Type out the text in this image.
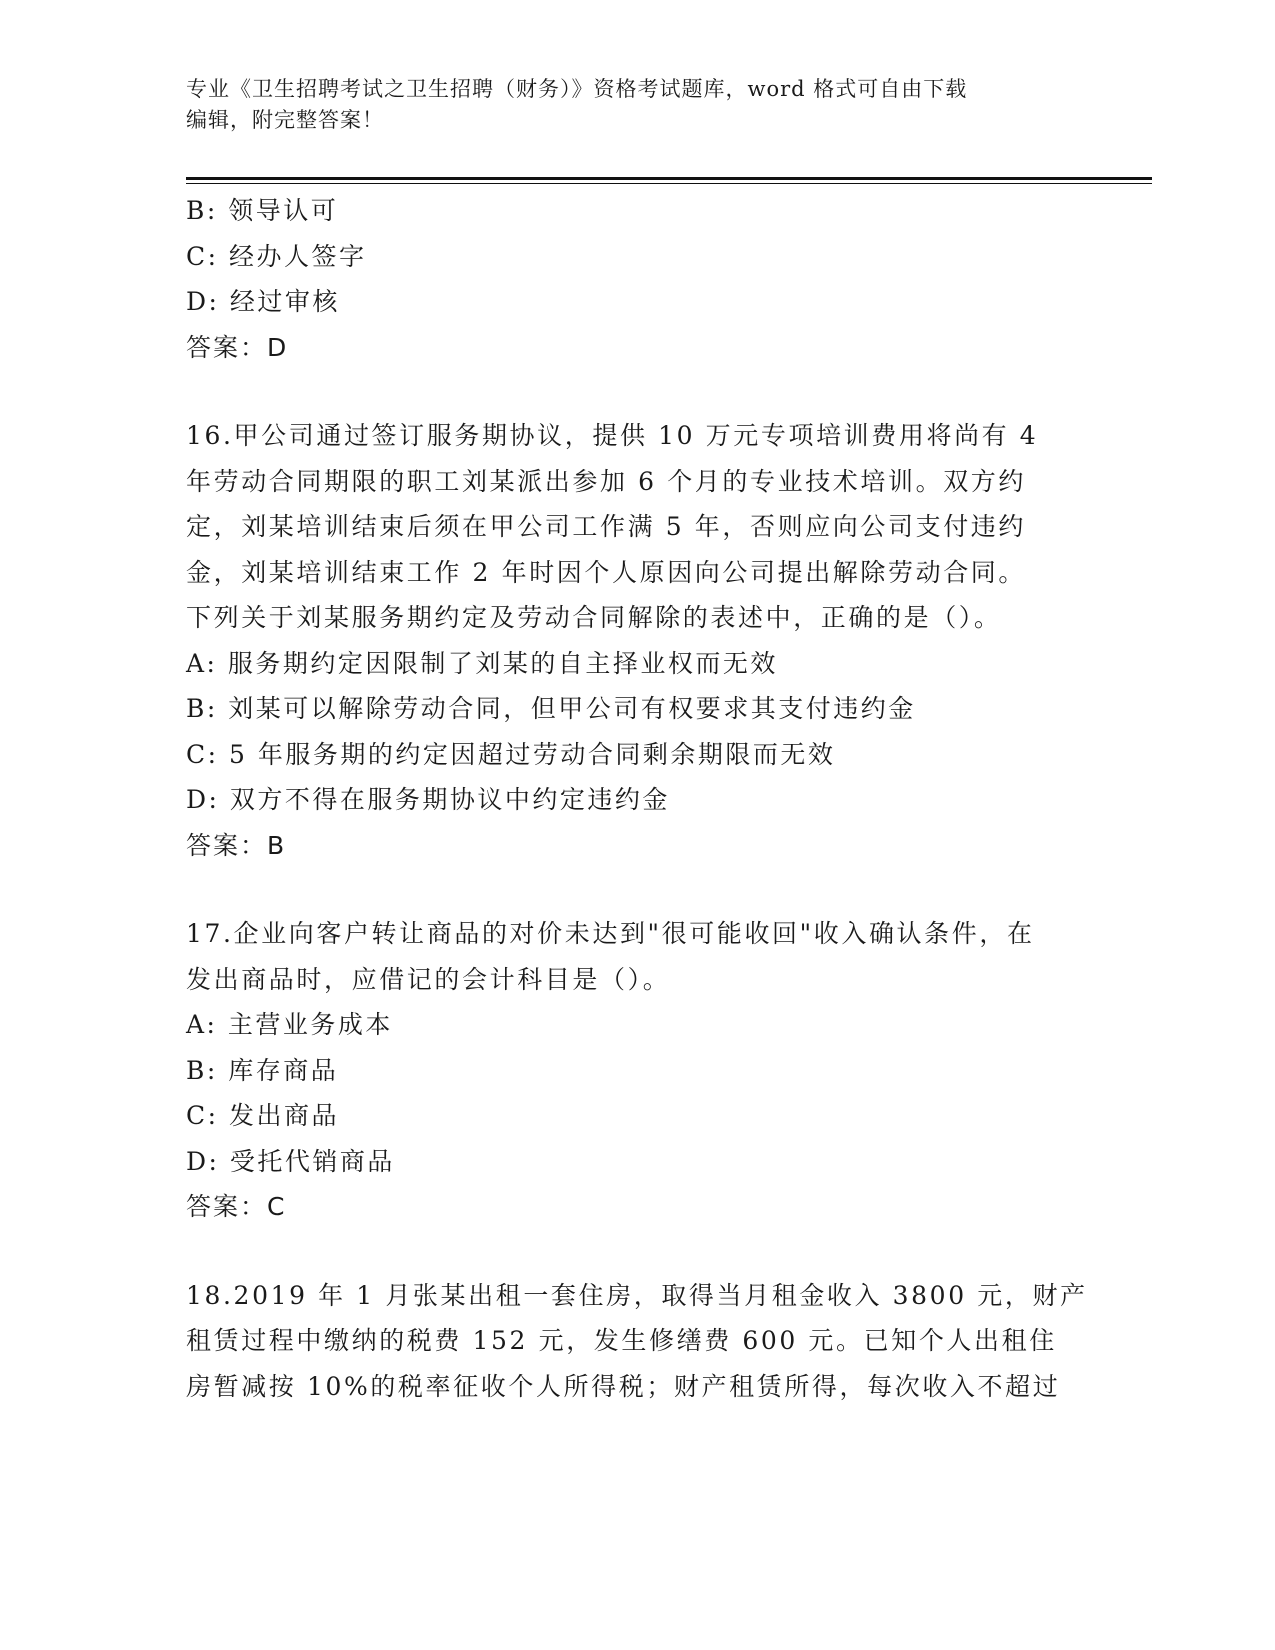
专业《卫生招聘考试之卫生招聘（财务）》资格考试题库，word 格式可自由下载
编辑，附完整答案！
B: 领导认可
C: 经办人签字
D: 经过审核
答案：D
16.甲公司通过签订服务期协议，提供 10 万元专项培训费用将尚有 4
年劳动合同期限的职工刘某派出参加 6 个月的专业技术培训。双方约
定，刘某培训结束后须在甲公司工作满 5 年，否则应向公司支付违约
金，刘某培训结束工作 2 年时因个人原因向公司提出解除劳动合同。
下列关于刘某服务期约定及劳动合同解除的表述中，正确的是（）。
A: 服务期约定因限制了刘某的自主择业权而无效
B: 刘某可以解除劳动合同，但甲公司有权要求其支付违约金
C: 5 年服务期的约定因超过劳动合同剩余期限而无效
D: 双方不得在服务期协议中约定违约金
答案：B
17.企业向客户转让商品的对价未达到"很可能收回"收入确认条件，在
发出商品时，应借记的会计科目是（）。
A: 主营业务成本
B: 库存商品
C: 发出商品
D: 受托代销商品
答案：C
18.2019 年 1 月张某出租一套住房，取得当月租金收入 3800 元，财产
租赁过程中缴纳的税费 152 元，发生修缮费 600 元。已知个人出租住
房暂减按 10%的税率征收个人所得税；财产租赁所得，每次收入不超过
